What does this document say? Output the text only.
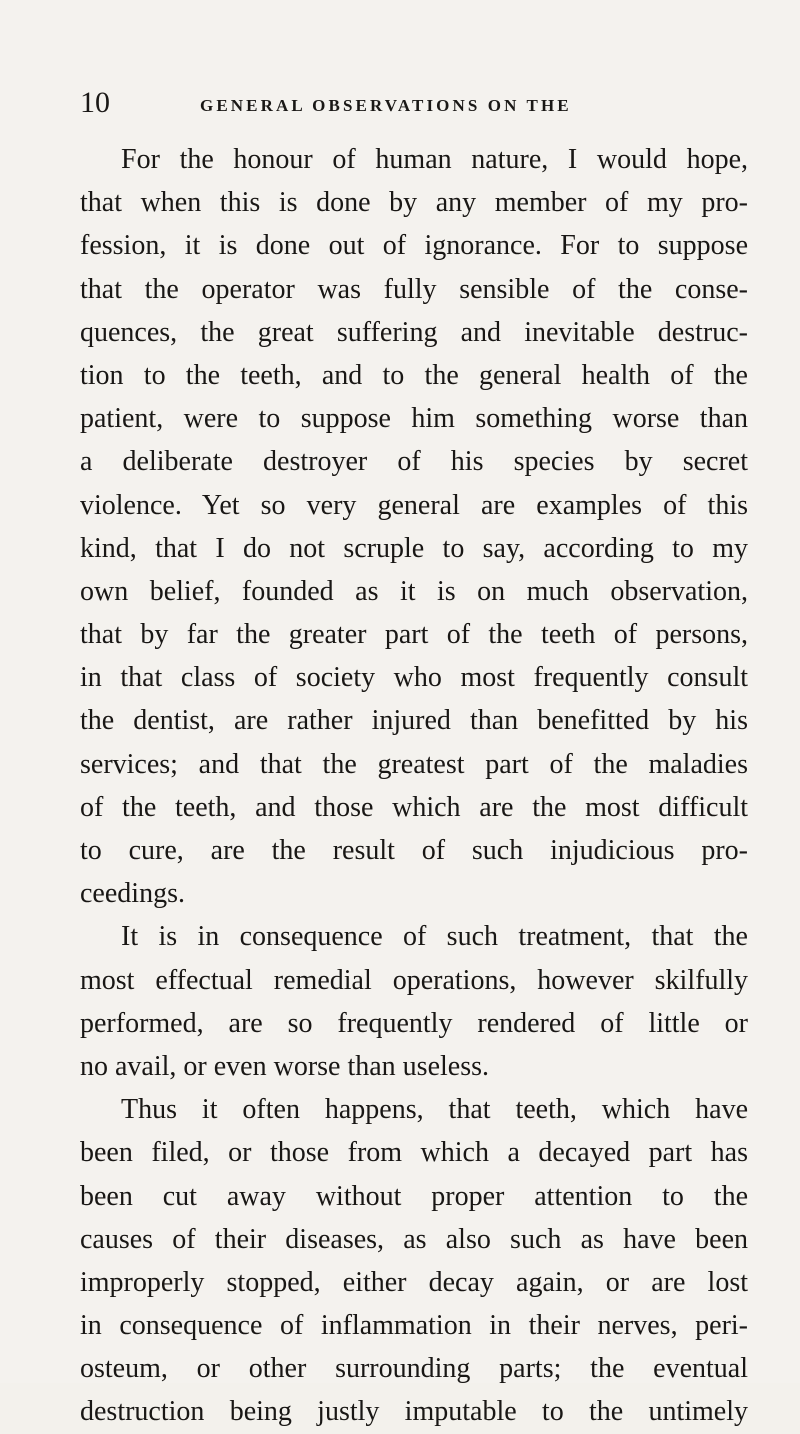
10	GENERAL OBSERVATIONS ON THE
For the honour of human nature, I would hope,
that when this is done by any member of my pro-
fession, it is done out of ignorance. For to suppose
that the operator was fully sensible of the conse-
quences, the great suffering and inevitable destruc-
tion to the teeth, and to the general health of the
patient, were to suppose him something worse than
a deliberate destroyer of his species by secret
violence. Yet so very general are examples of this
kind, that I do not scruple to say, according to my
own belief, founded as it is on much observation,
that by far the greater part of the teeth of persons,
in that class of society who most frequently consult
the dentist, are rather injured than benefitted by his
services; and that the greatest part of the maladies
of the teeth, and those which are the most difficult
to cure, are the result of such injudicious pro-
ceedings.
It is in consequence of such treatment, that the
most effectual remedial operations, however skilfully
performed, are so frequently rendered of little or
no avail, or even worse than useless.
Thus it often happens, that teeth, which have
been filed, or those from which a decayed part has
been cut away without proper attention to the
causes of their diseases, as also such as have been
improperly stopped, either decay again, or are lost
in consequence of inflammation in their nerves, peri-
osteum, or other surrounding parts; the eventual
destruction being justly imputable to the untimely
